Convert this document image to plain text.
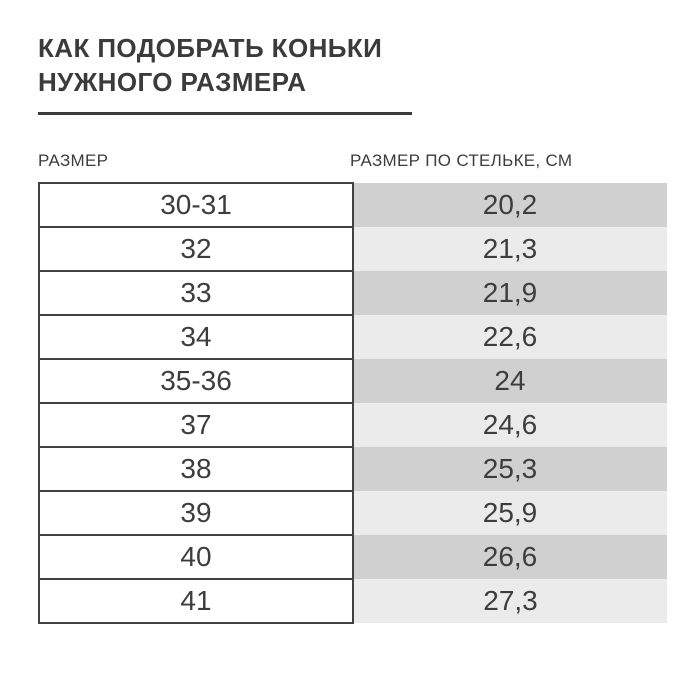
КАК ПОДОБРАТЬ КОНЬКИ
НУЖНОГО РАЗМЕРА
РАЗМЕР	РАЗМЕР ПО СТЕЛЬКЕ, СМ
30-31	20,2
32	21,3
33	21,9
34	22,6
35-36	24
37	24,6
38	25,3
39	25,9
40	26,6
41	27,3
